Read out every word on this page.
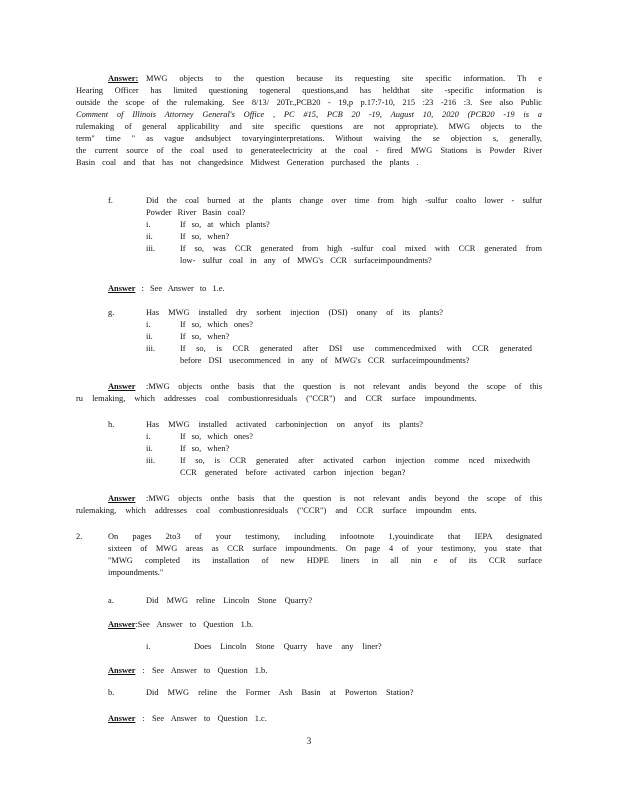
Answer: MWG objects to the question because its requesting site specific information. Th e
Hearing Officer has limited questioning togeneral questions,and has heldthat site -specific information is
outside the scope of the rulemaking. See 8/13/ 20Tr.,PCB20 - 19,p p.17:7-10, 215 :23 -216 :3. See also Public
Comment of Illinois Attorney General's Office , PC #15, PCB 20 -19, August 10, 2020 (PCB20 -19 is a
rulemaking of general applicability and site specific questions are not appropriate). MWG objects to the
term" time " as vague andsubject tovaryinginterpretations. Without waiving the se objection s, generally,
the current source of the coal used to generateelectricity at the coal - fired MWG Stations is Powder River
Basin coal and that has not changedsince Midwest Generation purchased the plants .
f.	Did the coal burned at the plants change over time from high -sulfur coalto lower - sulfur
Powder River Basin coal?
i.	If so, at which plants?
ii.	If so, when?
iii.	If so, was CCR generated from high -sulfur coal mixed with CCR generated from
low- sulfur coal in any of MWG's CCR surfaceimpoundments?
Answer : See Answer to 1.e.
g.	Has MWG installed dry sorbent injection (DSI) onany of its plants?
i.	If so, which ones?
ii.	If so, when?
iii.	If so, is CCR generated after DSI use commencedmixed with CCR generated
before DSI usecommenced in any of MWG's CCR surfaceimpoundments?
Answer :MWG objects onthe basis that the question is not relevant andis beyond the scope of this
ru lemaking, which addresses coal combustionresiduals ("CCR") and CCR surface impoundments.
h.	Has MWG installed activated carboninjection on anyof its plants?
i.	If so, which ones?
ii.	If so, when?
iii.	If so, is CCR generated after activated carbon injection comme nced mixedwith
CCR generated before activated carbon injection began?
Answer :MWG objects onthe basis that the question is not relevant andis beyond the scope of this
rulemaking, which addresses coal combustionresiduals ("CCR") and CCR surface impoundm ents.
2.	On pages 2to3 of your testimony, including infootnote 1,youindicate that IEPA designated
sixteen of MWG areas as CCR surface impoundments. On page 4 of your testimony, you state that
"MWG completed its installation of new HDPE liners in all nin e of its CCR surface
impoundments."
a.	Did MWG reline Lincoln Stone Quarry?
Answer:See Answer to Question 1.b.
i.	Does Lincoln Stone Quarry have any liner?
Answer : See Answer to Question 1.b.
b.	Did MWG reline the Former Ash Basin at Powerton Station?
Answer : See Answer to Question 1.c.
3
